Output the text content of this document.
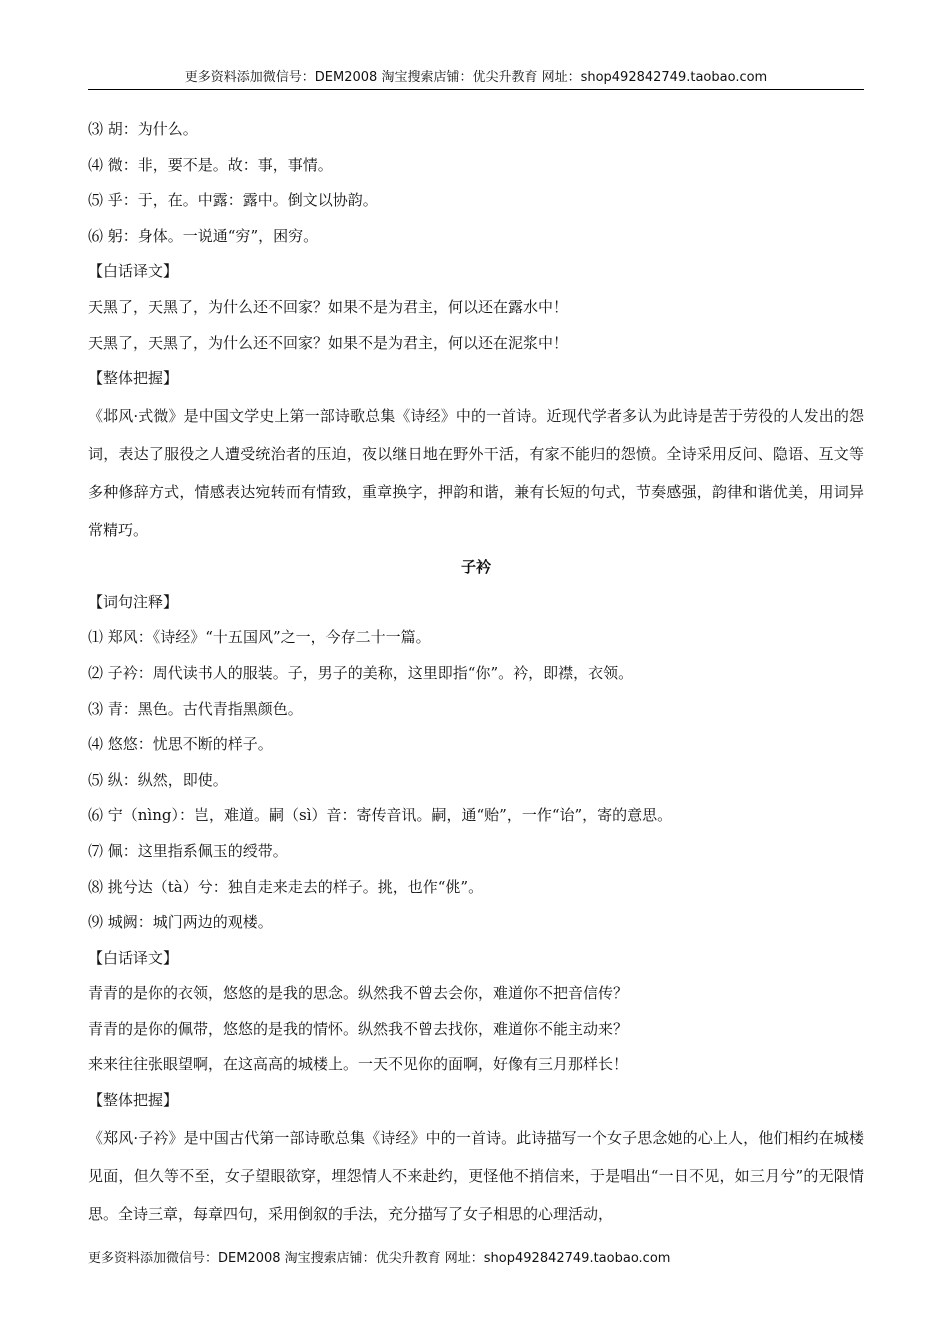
更多资料添加微信号：DEM2008 淘宝搜索店铺：优尖升教育 网址：shop492842749.taobao.com
⑶ 胡：为什么。
⑷ 微：非，要不是。故：事，事情。
⑸ 乎：于，在。中露：露中。倒文以协韵。
⑹ 躬：身体。一说通“穷”，困穷。
【白话译文】
天黑了，天黑了，为什么还不回家？如果不是为君主，何以还在露水中！
天黑了，天黑了，为什么还不回家？如果不是为君主，何以还在泥浆中！
【整体把握】
《邶风·式微》是中国文学史上第一部诗歌总集《诗经》中的一首诗。近现代学者多认为此诗是苦于劳役的人发出的怨词，表达了服役之人遭受统治者的压迫，夜以继日地在野外干活，有家不能归的怨愤。全诗采用反问、隐语、互文等多种修辞方式，情感表达宛转而有情致，重章换字，押韵和谐，兼有长短的句式，节奏感强，韵律和谐优美，用词异常精巧。
子衿
【词句注释】
⑴ 郑风：《诗经》“十五国风”之一，今存二十一篇。
⑵ 子衿：周代读书人的服装。子，男子的美称，这里即指“你”。衿，即襟，衣领。
⑶ 青：黑色。古代青指黑颜色。
⑷ 悠悠：忧思不断的样子。
⑸ 纵：纵然，即使。
⑹ 宁（nìng）：岂，难道。嗣（sì）音：寄传音讯。嗣，通“贻”，一作“诒”，寄的意思。
⑺ 佩：这里指系佩玉的绶带。
⑻ 挑兮达（tà）兮：独自走来走去的样子。挑，也作“佻”。
⑼ 城阙：城门两边的观楼。
【白话译文】
青青的是你的衣领，悠悠的是我的思念。纵然我不曾去会你，难道你不把音信传？
青青的是你的佩带，悠悠的是我的情怀。纵然我不曾去找你，难道你不能主动来？
来来往往张眼望啊，在这高高的城楼上。一天不见你的面啊，好像有三月那样长！
【整体把握】
《郑风·子衿》是中国古代第一部诗歌总集《诗经》中的一首诗。此诗描写一个女子思念她的心上人，他们相约在城楼见面，但久等不至，女子望眼欲穿，埋怨情人不来赴约，更怪他不捎信来，于是唱出“一日不见，如三月兮”的无限情思。全诗三章，每章四句，采用倒叙的手法，充分描写了女子相思的心理活动，
更多资料添加微信号：DEM2008 淘宝搜索店铺：优尖升教育 网址：shop492842749.taobao.com
